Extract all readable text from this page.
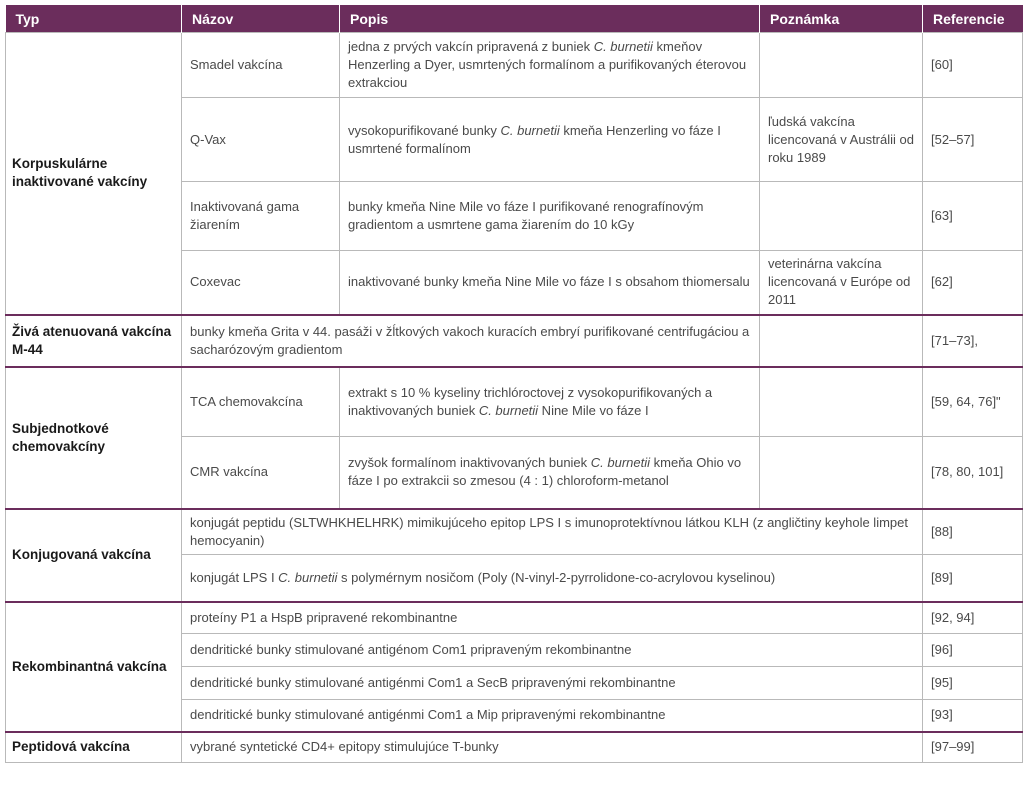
Typ	Názov	Popis	Poznámka	Referencie
Korpuskulárne inaktivované vakcíny	Smadel vakcína	jedna z prvých vakcín pripravená z buniek C. burnetii kmeňov Henzerling a Dyer, usmrtených formalínom a purifikovaných éterovou extrakciou		[60]
	Q-Vax	vysokopurifikované bunky C. burnetii kmeňa Henzerling vo fáze I usmrtené formalínom	ľudská vakcína licencovaná v Austrálii od roku 1989	[52–57]
	Inaktivovaná gama žiarením	bunky kmeňa Nine Mile vo fáze I purifikované renografínovým gradientom a usmrtene gama žiarením do 10 kGy		[63]
	Coxevac	inaktivované bunky kmeňa Nine Mile vo fáze I s obsahom thiomersalu	veterinárna vakcína licencovaná v Európe od 2011	[62]
Živá atenuovaná vakcína M-44	bunky kmeňa Grita v 44. pasáži v žĺtkových vakoch kuracích embryí purifikované centrifugáciou a sacharózovým gradientom			[71–73],
Subjednotkové chemovakcíny	TCA chemovakcína	extrakt s 10 % kyseliny trichlóroctovej z vysokopurifikovaných a inaktivovaných buniek C. burnetii Nine Mile vo fáze I		[59, 64, 76]"
	CMR vakcína	zvyšok formalínom inaktivovaných buniek C. burnetii kmeňa Ohio vo fáze I po extrakcii so zmesou (4 : 1) chloroform-metanol		[78, 80, 101]
Konjugovaná vakcína	konjugát peptidu (SLTWHKHELHRK) mimikujúceho epitop LPS I s imunoprotektívnou látkou KLH (z angličtiny keyhole limpet hemocyanin)			[88]
	konjugát LPS I C. burnetii s polymérnym nosičom (Poly (N-vinyl-2-pyrrolidone-co-acrylovou kyselinou)			[89]
Rekombinantná vakcína	proteíny P1 a HspB pripravené rekombinantne			[92, 94]
	dendritické bunky stimulované antigénom Com1 pripraveným rekombinantne			[96]
	dendritické bunky stimulované antigénmi Com1 a SecB pripravenými rekombinantne			[95]
	dendritické bunky stimulované antigénmi Com1 a Mip pripravenými rekombinantne			[93]
Peptidová vakcína	vybrané syntetické CD4+ epitopy stimulujúce T-bunky			[97–99]
